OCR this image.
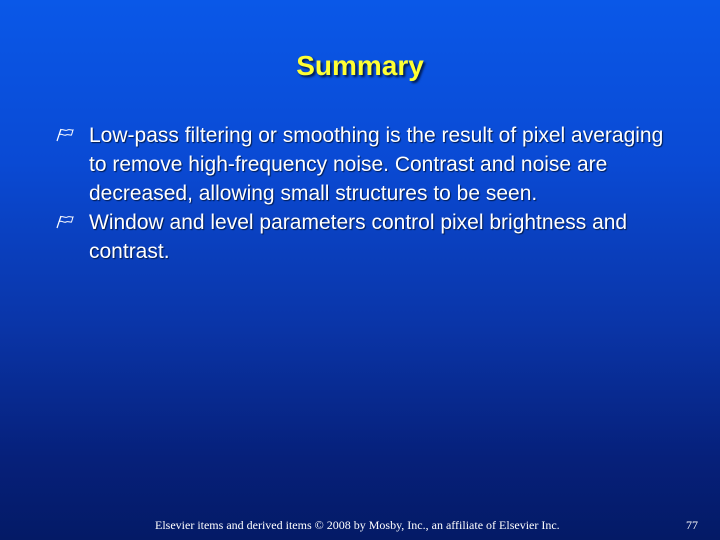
Summary
Low-pass filtering or smoothing is the result of pixel averaging to remove high-frequency noise. Contrast and noise are decreased, allowing small structures to be seen.
Window and level parameters control pixel brightness and contrast.
Elsevier items and derived items © 2008 by Mosby, Inc., an affiliate of Elsevier Inc.	77
